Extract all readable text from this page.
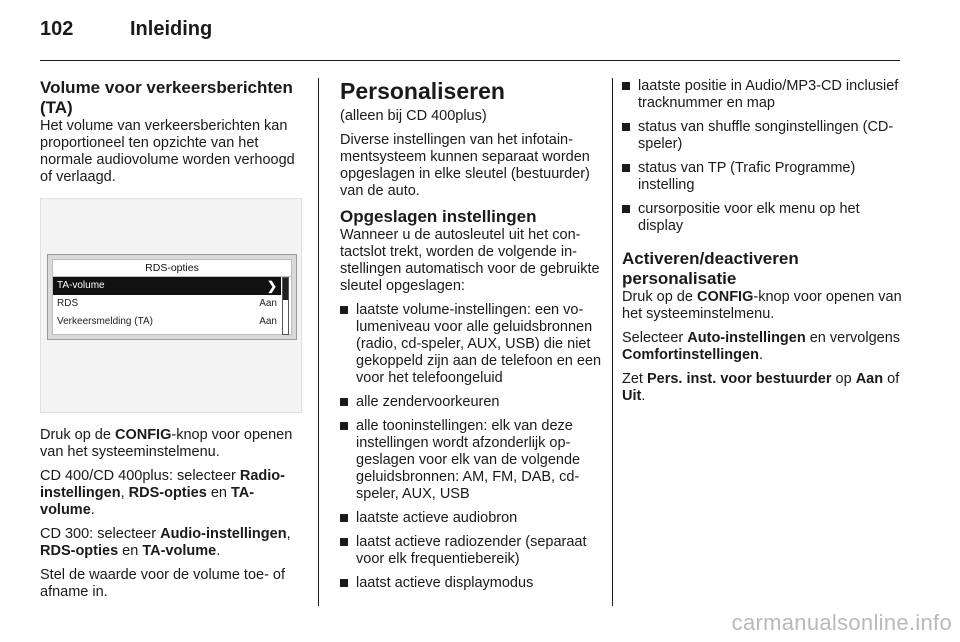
102	Inleiding
Volume voor verkeersberichten (TA)

Het volume van verkeersberichten kan proportioneel ten opzichte van het normale audiovolume worden verhoogd of verlaagd.

RDS-opties
TA-volume	❯
RDS	Aan
Verkeersmelding (TA)	Aan

Druk op de CONFIG-knop voor openen van het systeeminstelmenu.

CD 400/CD 400plus: selecteer Radioinstellingen, RDS-opties en TAvolume.

CD 300: selecteer Audio-instellingen, RDS-opties en TA-volume.

Stel de waarde voor de volume toe- of afname in.

Personaliseren

(alleen bij CD 400plus)

Diverse instellingen van het infotainmentsysteem kunnen separaat worden opgeslagen in elke sleutel (bestuurder) van de auto.

Opgeslagen instellingen

Wanneer u de autosleutel uit het contactslot trekt, worden de volgende instellingen automatisch voor de gebruikte sleutel opgeslagen:

laatste volume-instellingen: een volumeniveau voor alle geluidsbronnen (radio, cd-speler, AUX, USB) die niet gekoppeld zijn aan de telefoon en een voor het telefoongeluid
alle zendervoorkeuren
alle tooninstellingen: elk van deze instellingen wordt afzonderlijk opgeslagen voor elk van de volgende geluidsbronnen: AM, FM, DAB, cd-speler, AUX, USB
laatste actieve audiobron
laatst actieve radiozender (separaat voor elk frequentiebereik)
laatst actieve displaymodus
laatste positie in Audio/MP3-CD inclusief tracknummer en map
status van shuffle songinstellingen (CD-speler)
status van TP (Trafic Programme) instelling
cursorpositie voor elk menu op het display
Activeren/deactiveren personalisatie

Druk op de CONFIG-knop voor openen van het systeeminstelmenu.

Selecteer Auto-instellingen en vervolgens Comfortinstellingen.

Zet Pers. inst. voor bestuurder op Aan of Uit.

carmanualsonline.info
